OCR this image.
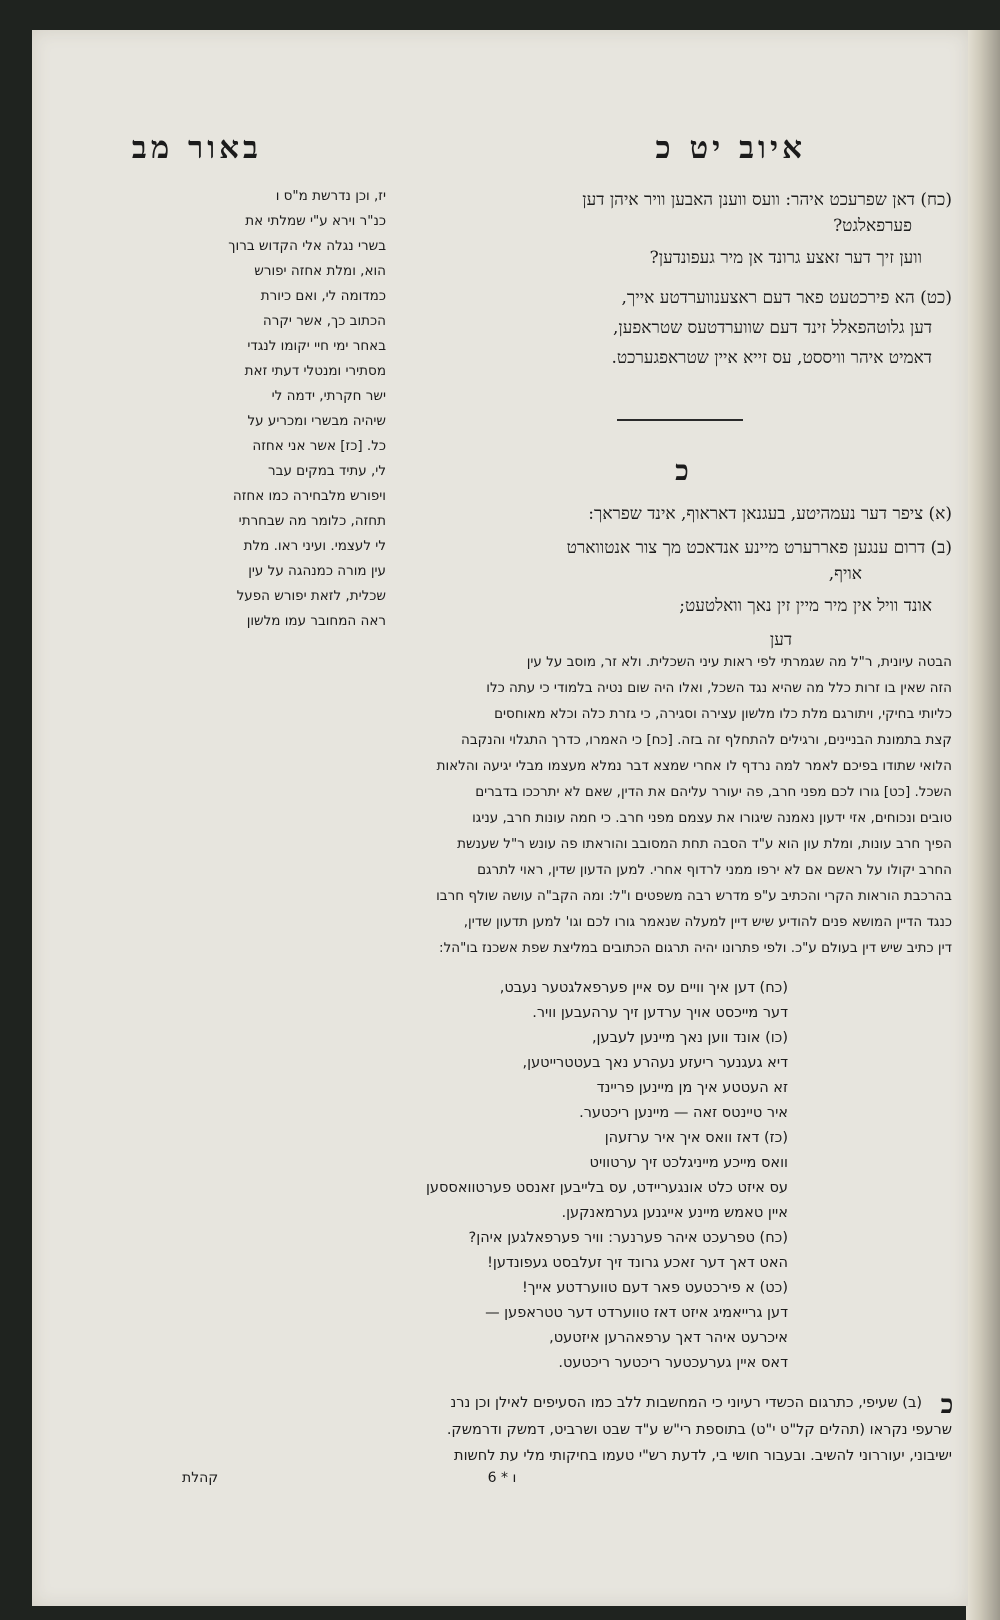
איוב יט כ
באור מב
(כח) דאן שפרעכט איהר: וועס ווענן האבען וויר איהן דען
פערפאלגט?
ווען זיך דער זאצע גרונד אן מיר געפונדען?
(כט) הא פירכטעט פאר דעם ראצענווערדטע אייך,
דען גלוטהפאלל זינד דעם שווערדטעס שטראפען,
דאמיט איהר וויססט, עס זייא איין שטראפגערכט.
כ
(א) ציפר דער נעמהיטע, בעגנאן דאראוף, אינד שפראך:
(ב) דרום ענגען פאררערט מיינע אנדאכט מך צור אנטווארט
אויף,
אונד וויל אין מיר מיין זין נאך וואלטעט;
דען
יז, וכן נדרשת מ"ס ו
כנ"ר וירא ע"י שמלתי את
בשרי נגלה אלי הקדוש ברוך
הוא, ומלת אחזה יפורש
כמדומה לי, ואם כיורת
הכתוב כך, אשר יקרה
באחר ימי חיי יקומו לנגדי
מסתירי ומנטלי דעתי זאת
ישר חקרתי, ידמה לי
שיהיה מבשרי ומכריע על
כל. [כז] אשר אני אחזה
לי, עתיד במקים עבר
ויפורש מלבחירה כמו אחזה
תחזה, כלומר מה שבחרתי
לי לעצמי. ועיני ראו. מלת
עין מורה כמנהגה על עין
שכלית, לזאת יפורש הפעל
ראה המחובר עמו מלשון
הבטה עיונית, ר"ל מה שגמרתי לפי ראות עיני השכלית. ולא זר, מוסב על עין
הזה שאין בו זרות כלל מה שהיא נגד השכל, ואלו היה שום נטיה בלמודי כי עתה כלו
כליותי בחיקי, ויתורגם מלת כלו מלשון עצירה וסגירה, כי גזרת כלה וכלא מאוחסים
קצת בתמונת הבניינים, ורגילים להתחלף זה בזה. [כח] כי האמרו, כדרך התגלוי והנקבה
הלואי שתודו בפיכם לאמר למה נרדף לו אחרי שמצא דבר נמלא מעצמו מבלי יגיעה והלאות
השכל. [כט] גורו לכם מפני חרב, פה יעורר עליהם את הדין, שאם לא יתרככו בדברים
טובים ונכוחים, אזי ידעון נאמנה שיגורו את עצמם מפני חרב. כי חמה עונות חרב, עניגו
הפיך חרב עונות, ומלת עון הוא ע"ד הסבה תחת המסובב והוראתו פה עונש ר"ל שענשת
החרב יקולו על ראשם אם לא ירפו ממני לרדוף אחרי. למען הדעון שדין, ראוי לתרגם
בהרכבת הוראות הקרי והכתיב ע"פ מדרש רבה משפטים ו"ל: ומה הקב"ה עושה שולף חרבו
כנגד הדיין המושא פנים להודיע שיש דיין למעלה שנאמר גורו לכם וגו' למען תדעון שדין,
דין כתיב שיש דין בעולם ע"כ. ולפי פתרונו יהיה תרגום הכתובים במליצת שפת אשכנז בו"הל:
(כח) דען איך וויים עס איין פערפאלגטער נעבט,
דער מייכסט אויך ערדען זיך ערהעבען וויר.
(כו) אונד ווען נאך מיינען לעבען,
דיא געגנער ריעזע נעהרע נאך בעטטרייטען,
זא העטטע איך מן מיינען פריינד
איר טיינטס זאה — מיינען ריכטער.
(כז) דאז וואס איך איר ערזעהן
וואס מייכע מייניגלכט זיך ערטוויט
עס איזט כלט אונגעריידט, עס בלייבען זאנסט פערטוואססען
איין טאמש מיינע אייגנען גערמאנקען.
(כח) טפרעכט איהר פערנער: וויר פערפאלגען איהן?
האט דאך דער זאכע גרונד זיך זעלבסט געפונדען!
(כט) א פירכטעט פאר דעם טווערדטע אייך!
דען גרייאמיג איזט דאז טווערדט דער טטראפען —
איכרעט איהר דאך ערפאהרען איזטעט,
דאס איין גערעכטער ריכטער ריכטעט.
כ
(ב) שעיפי, כתרגום הכשדי רעיוני כי המחשבות ללב כמו הסעיפים לאילן וכן נרנ
שרעפי נקראו (תהלים קל"ט י"ט) בתוספת רי"ש ע"ד שבט ושרביט, דמשק ודרמשק.
ישיבוני, יעוררוני להשיב. ובעבור חושי בי, לדעת רש"י טעמו בחיקותי מלי עת לחשות
ו * 6
קהלת
